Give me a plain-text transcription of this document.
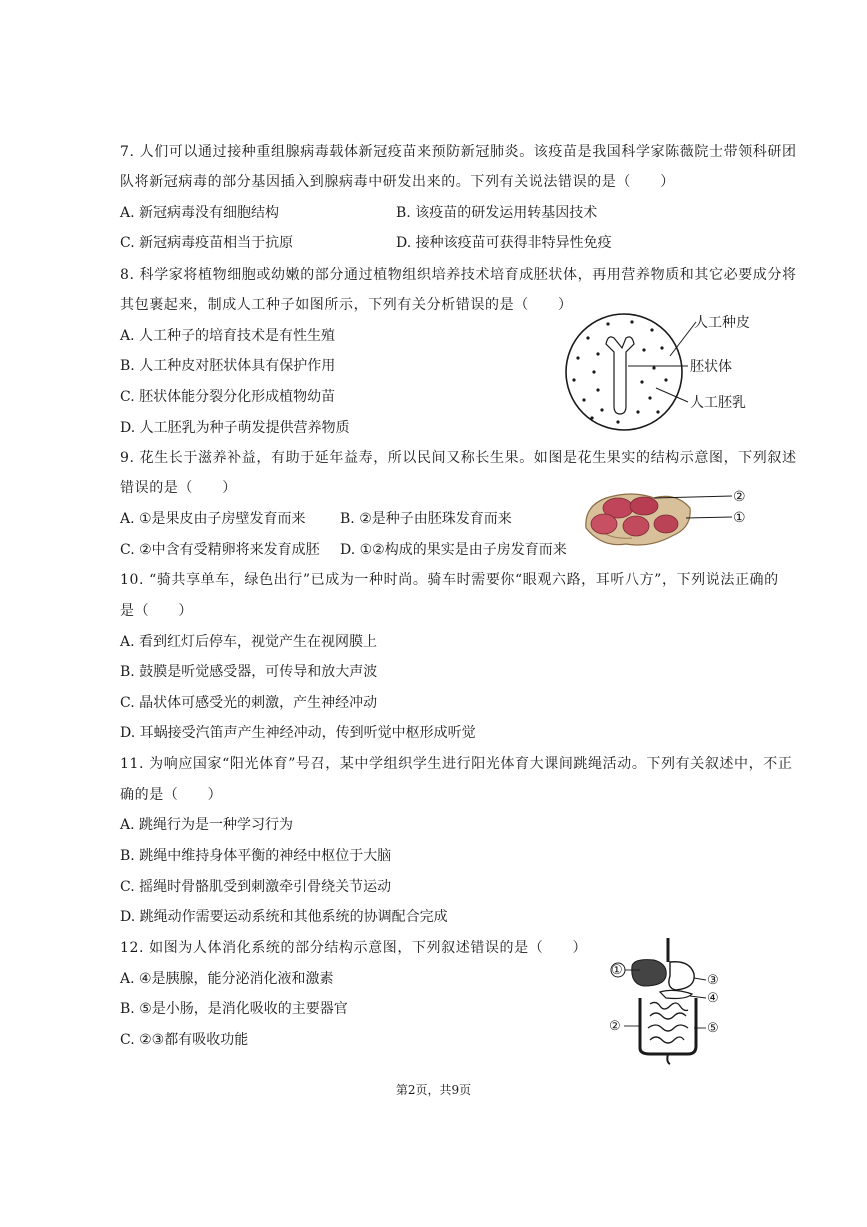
7. 人们可以通过接种重组腺病毒载体新冠疫苗来预防新冠肺炎。该疫苗是我国科学家陈薇院士带领科研团
队将新冠病毒的部分基因插入到腺病毒中研发出来的。下列有关说法错误的是（　　）
A. 新冠病毒没有细胞结构	B. 该疫苗的研发运用转基因技术
C. 新冠病毒疫苗相当于抗原	D. 接种该疫苗可获得非特异性免疫
8. 科学家将植物细胞或幼嫩的部分通过植物组织培养技术培育成胚状体，再用营养物质和其它必要成分将
其包裹起来，制成人工种子如图所示，下列有关分析错误的是（　　）
A. 人工种子的培育技术是有性生殖
B. 人工种皮对胚状体具有保护作用
C. 胚状体能分裂分化形成植物幼苗
D. 人工胚乳为种子萌发提供营养物质
人工种皮
胚状体
人工胚乳
9. 花生长于滋养补益，有助于延年益寿，所以民间又称长生果。如图是花生果实的结构示意图，下列叙述
错误的是（　　）
A. ①是果皮由子房壁发育而来 B. ②是种子由胚珠发育而来
C. ②中含有受精卵将来发育成胚 D. ①②构成的果实是由子房发育而来
②
①
10. “骑共享单车，绿色出行”已成为一种时尚。骑车时需要你“眼观六路，耳听八方”，下列说法正确的
是（　　）
A. 看到红灯后停车，视觉产生在视网膜上
B. 鼓膜是听觉感受器，可传导和放大声波
C. 晶状体可感受光的刺激，产生神经冲动
D. 耳蜗接受汽笛声产生神经冲动，传到听觉中枢形成听觉
11. 为响应国家“阳光体育”号召，某中学组织学生进行阳光体育大课间跳绳活动。下列有关叙述中，不正
确的是（　　）
A. 跳绳行为是一种学习行为
B. 跳绳中维持身体平衡的神经中枢位于大脑
C. 摇绳时骨骼肌受到刺激牵引骨绕关节运动
D. 跳绳动作需要运动系统和其他系统的协调配合完成
12. 如图为人体消化系统的部分结构示意图，下列叙述错误的是（　　）
A. ④是胰腺，能分泌消化液和激素
B. ⑤是小肠，是消化吸收的主要器官
C. ②③都有吸收功能
①
③
④
②	⑤
第2页，共9页
